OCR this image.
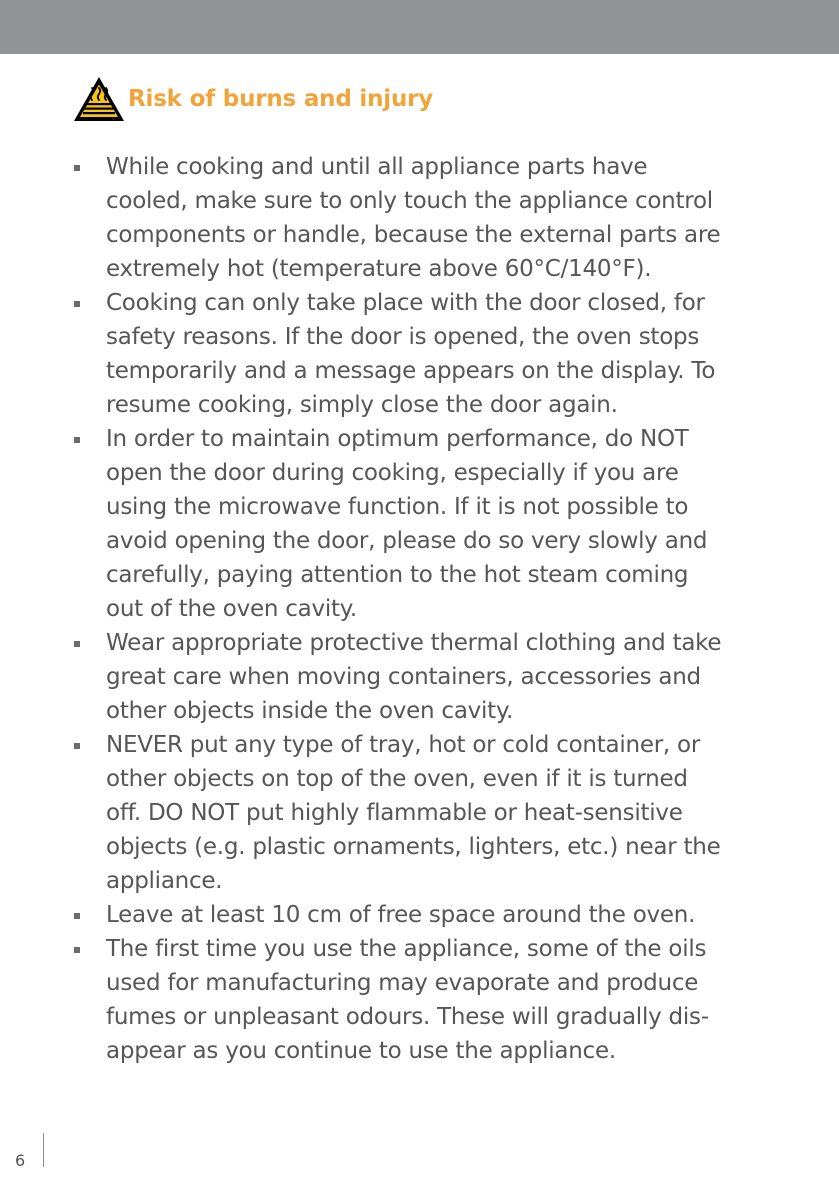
Risk of burns and injury
While cooking and until all appliance parts have
cooled, make sure to only touch the appliance control
components or handle, because the external parts are
extremely hot (temperature above 60°C/140°F).
Cooking can only take place with the door closed, for
safety reasons. If the door is opened, the oven stops
temporarily and a message appears on the display. To
resume cooking, simply close the door again.
In order to maintain optimum performance, do NOT
open the door during cooking, especially if you are
using the microwave function. If it is not possible to
avoid opening the door, please do so very slowly and
carefully, paying attention to the hot steam coming
out of the oven cavity.
Wear appropriate protective thermal clothing and take
great care when moving containers, accessories and
other objects inside the oven cavity.
NEVER put any type of tray, hot or cold container, or
other objects on top of the oven, even if it is turned
off. DO NOT put highly flammable or heat-sensitive
objects (e.g. plastic ornaments, lighters, etc.) near the
appliance.
Leave at least 10 cm of free space around the oven.
The first time you use the appliance, some of the oils
used for manufacturing may evaporate and produce
fumes or unpleasant odours. These will gradually dis-
appear as you continue to use the appliance.
6
